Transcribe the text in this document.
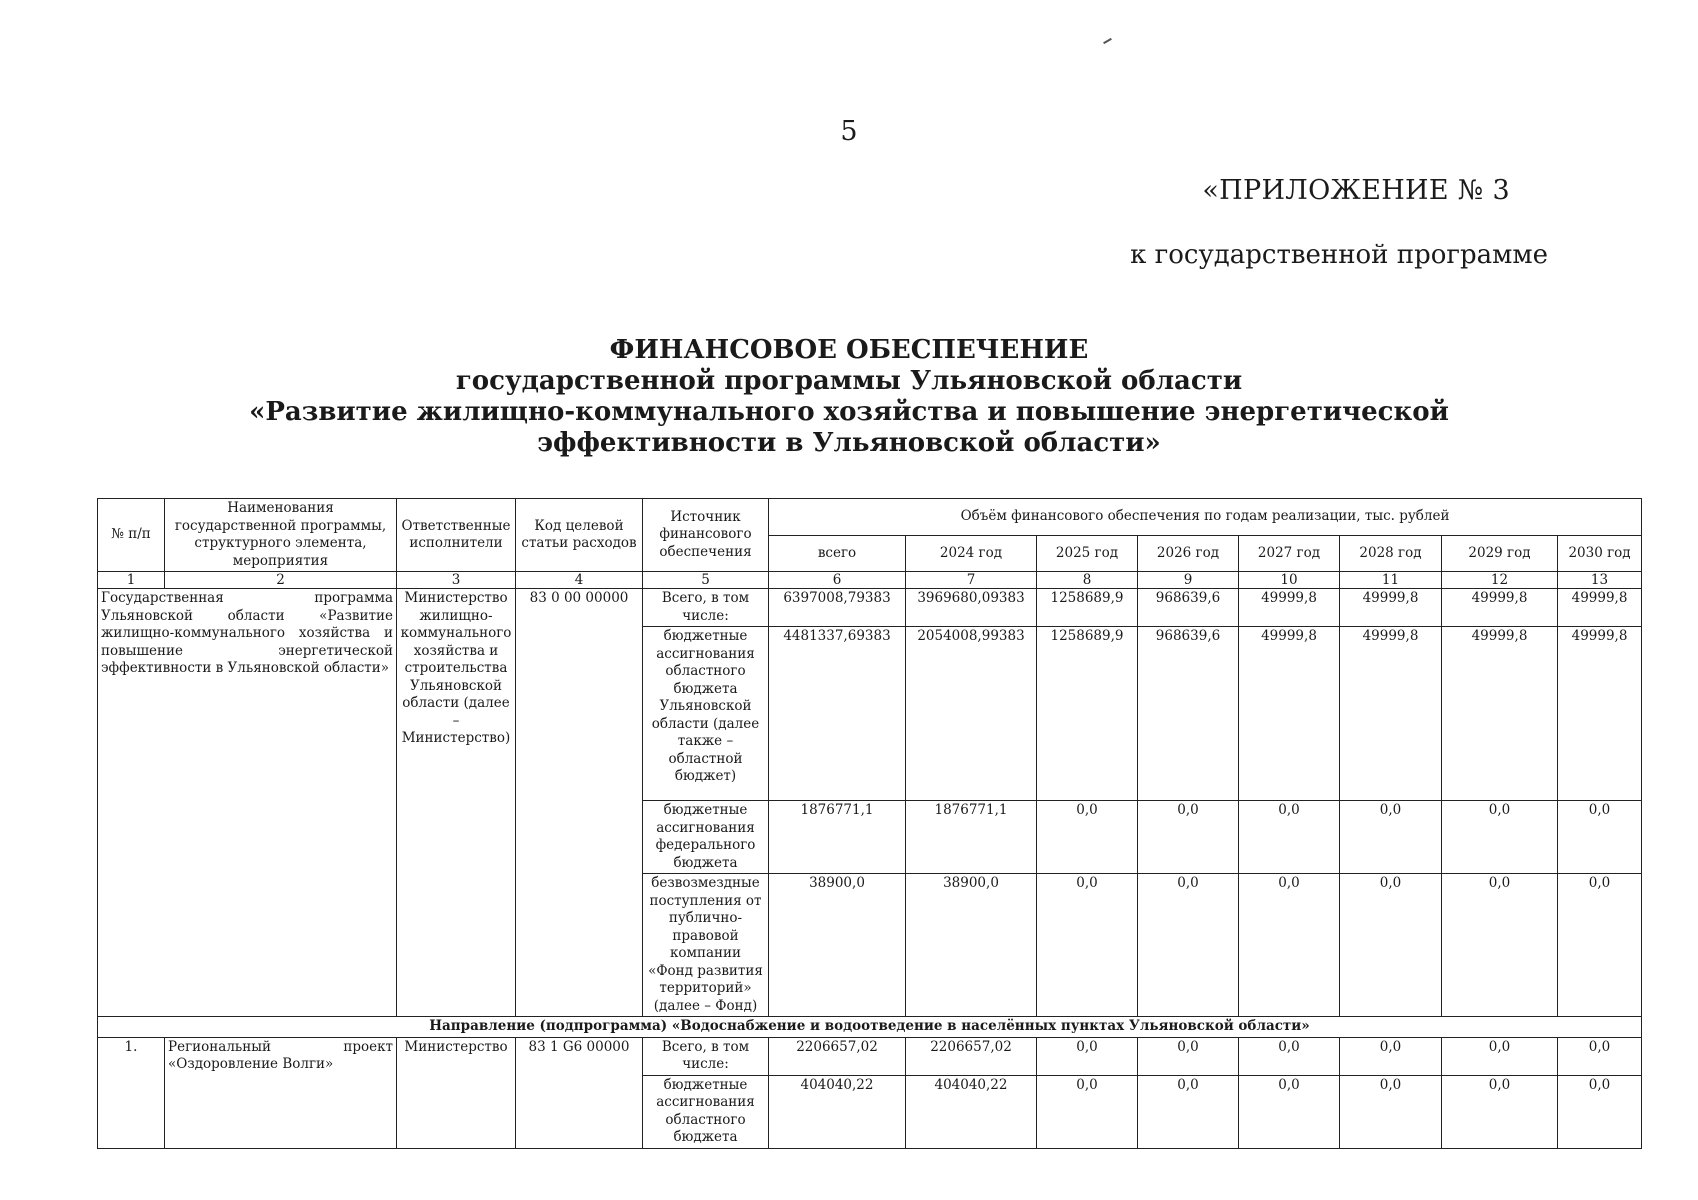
5
«ПРИЛОЖЕНИЕ № 3
к государственной программе
ФИНАНСОВОЕ ОБЕСПЕЧЕНИЕ
государственной программы Ульяновской области
«Развитие жилищно-коммунального хозяйства и повышение энергетической
эффективности в Ульяновской области»
№ п/п	Наименования государственной программы, структурного элемента, мероприятия	Ответственные исполнители	Код целевой статьи расходов	Источник финансового обеспечения	Объём финансового обеспечения по годам реализации, тыс. рублей							
					всего	2024 год	2025 год	2026 год	2027 год	2028 год	2029 год	2030 год
1	2	3	4	5	6	7	8	9	10	11	12	13
Государственная программа Ульяновской области «Развитие жилищно-коммунального хозяйства и повышение энергетической эффективности в Ульяновской области»		Министерство жилищно-коммунального хозяйства и строительства Ульяновской области (далее – Министерство)	83 0 00 00000	Всего, в том числе:	6397008,79383	3969680,09383	1258689,9	968639,6	49999,8	49999,8	49999,8	49999,8
				бюджетные ассигнования областного бюджета Ульяновской области (далее также – областной бюджет)	4481337,69383	2054008,99383	1258689,9	968639,6	49999,8	49999,8	49999,8	49999,8
				бюджетные ассигнования федерального бюджета	1876771,1	1876771,1	0,0	0,0	0,0	0,0	0,0	0,0
				безвозмездные поступления от публично-правовой компании «Фонд развития территорий» (далее – Фонд)	38900,0	38900,0	0,0	0,0	0,0	0,0	0,0	0,0
Направление (подпрограмма) «Водоснабжение и водоотведение в населённых пунктах Ульяновской области»												
1.	Региональный проект «Оздоровление Волги»	Министерство	83 1 G6 00000	Всего, в том числе:	2206657,02	2206657,02	0,0	0,0	0,0	0,0	0,0	0,0
				бюджетные ассигнования областного бюджета	404040,22	404040,22	0,0	0,0	0,0	0,0	0,0	0,0
